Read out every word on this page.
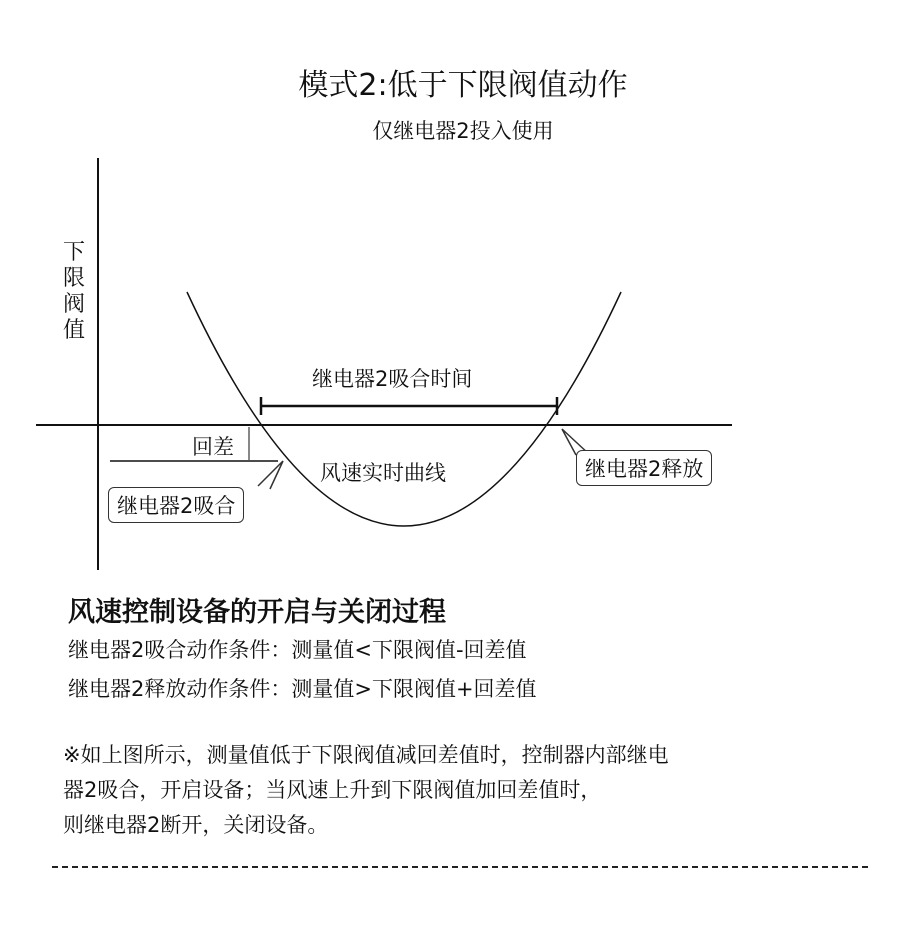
模式2:低于下限阀值动作
仅继电器2投入使用
下限阀值
继电器2吸合时间
回差
风速实时曲线
继电器2吸合
继电器2释放
风速控制设备的开启与关闭过程
继电器2吸合动作条件：测量值<下限阀值-回差值
继电器2释放动作条件：测量值>下限阀值+回差值

※如上图所示，测量值低于下限阀值减回差值时，控制器内部继电

器2吸合，开启设备；当风速上升到下限阀值加回差值时，

则继电器2断开，关闭设备。
